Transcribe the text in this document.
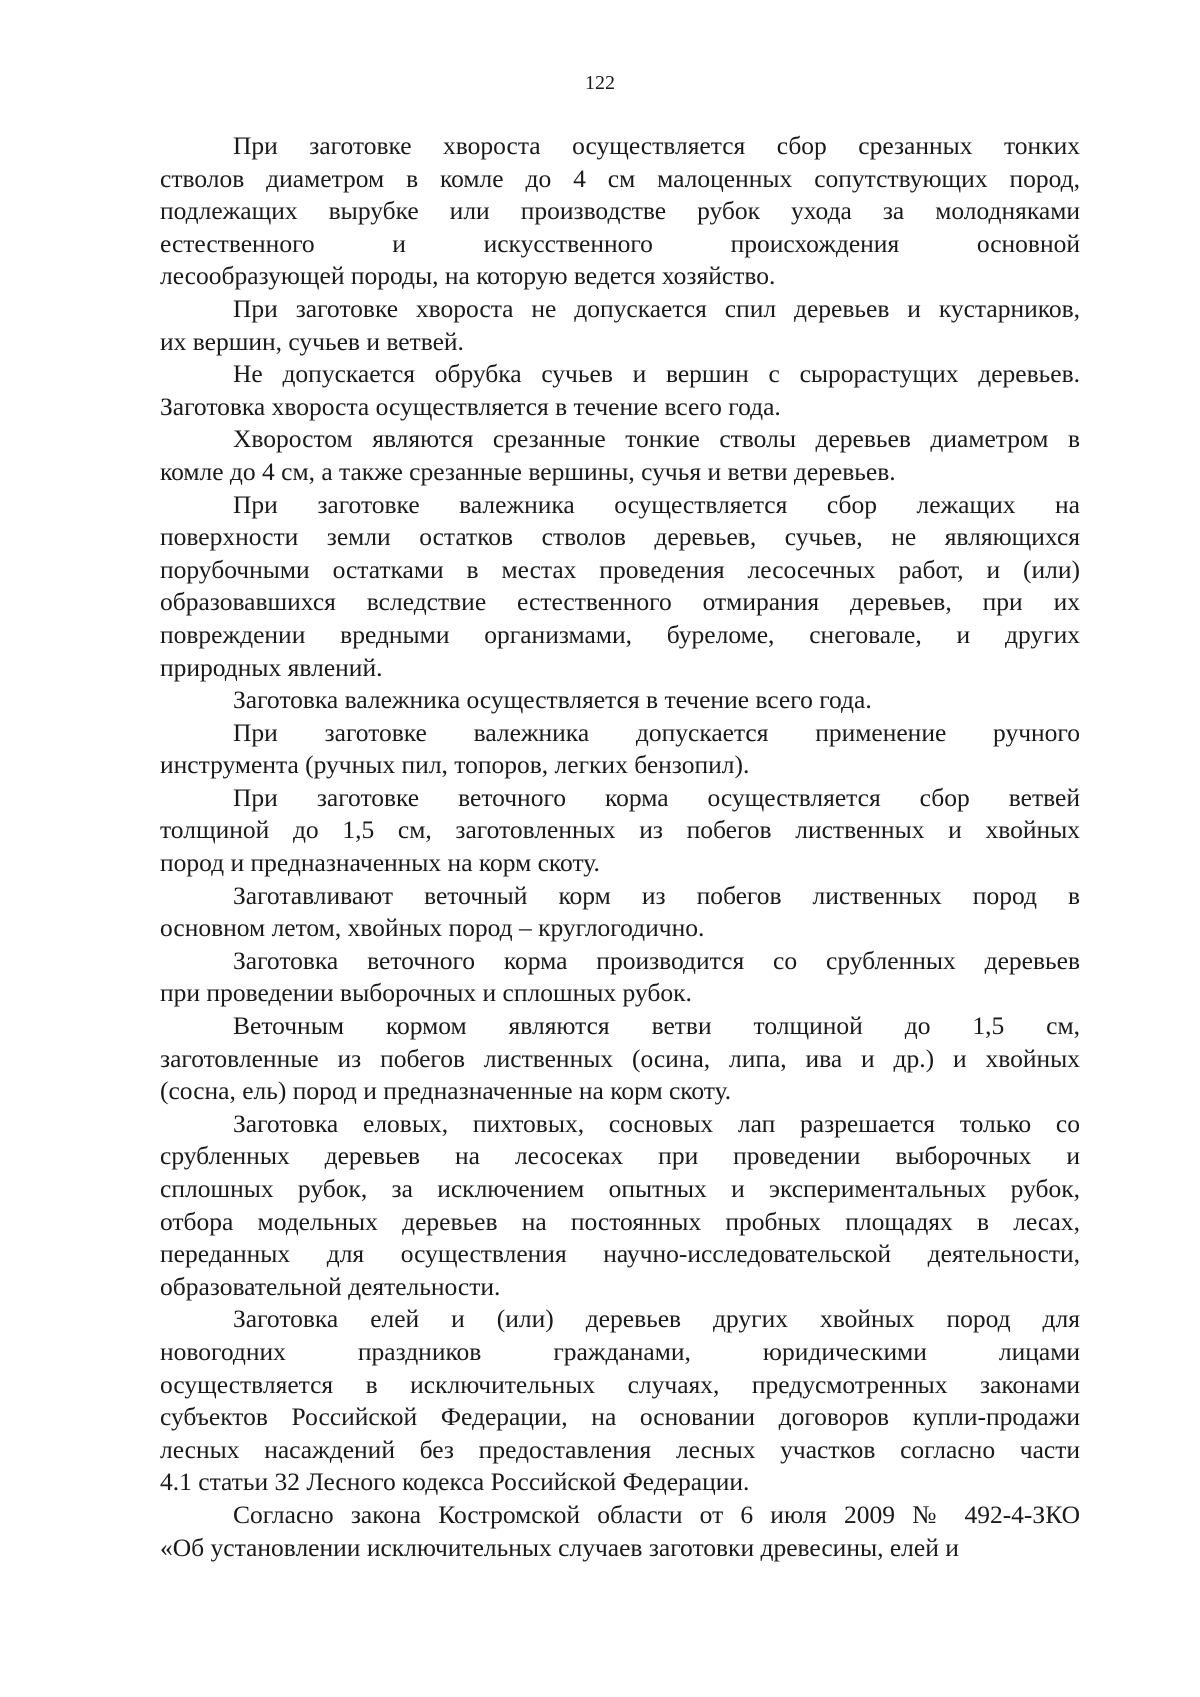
122
При заготовке хвороста осуществляется сбор срезанных тонких
стволов диаметром в комле до 4 см малоценных сопутствующих пород,
подлежащих вырубке или производстве рубок ухода за молодняками
естественного и искусственного происхождения основной
лесообразующей породы, на которую ведется хозяйство.
При заготовке хвороста не допускается спил деревьев и кустарников,
их вершин, сучьев и ветвей.
Не допускается обрубка сучьев и вершин с сырорастущих деревьев.
Заготовка хвороста осуществляется в течение всего года.
Хворостом являются срезанные тонкие стволы деревьев диаметром в
комле до 4 см, а также срезанные вершины, сучья и ветви деревьев.
При заготовке валежника осуществляется сбор лежащих на
поверхности земли остатков стволов деревьев, сучьев, не являющихся
порубочными остатками в местах проведения лесосечных работ, и (или)
образовавшихся вследствие естественного отмирания деревьев, при их
повреждении вредными организмами, буреломе, снеговале, и других
природных явлений.
Заготовка валежника осуществляется в течение всего года.
При заготовке валежника допускается применение ручного
инструмента (ручных пил, топоров, легких бензопил).
При заготовке веточного корма осуществляется сбор ветвей
толщиной до 1,5 см, заготовленных из побегов лиственных и хвойных
пород и предназначенных на корм скоту.
Заготавливают веточный корм из побегов лиственных пород в
основном летом, хвойных пород – круглогодично.
Заготовка веточного корма производится со срубленных деревьев
при проведении выборочных и сплошных рубок.
Веточным кормом являются ветви толщиной до 1,5 см,
заготовленные из побегов лиственных (осина, липа, ива и др.) и хвойных
(сосна, ель) пород и предназначенные на корм скоту.
Заготовка еловых, пихтовых, сосновых лап разрешается только со
срубленных деревьев на лесосеках при проведении выборочных и
сплошных рубок, за исключением опытных и экспериментальных рубок,
отбора модельных деревьев на постоянных пробных площадях в лесах,
переданных для осуществления научно-исследовательской деятельности,
образовательной деятельности.
Заготовка елей и (или) деревьев других хвойных пород для
новогодних праздников гражданами, юридическими лицами
осуществляется в исключительных случаях, предусмотренных законами
субъектов Российской Федерации, на основании договоров купли-продажи
лесных насаждений без предоставления лесных участков согласно части
4.1 статьи 32 Лесного кодекса Российской Федерации.
Согласно закона Костромской области от 6 июля 2009 № 492-4-ЗКО
«Об установлении исключительных случаев заготовки древесины, елей и
